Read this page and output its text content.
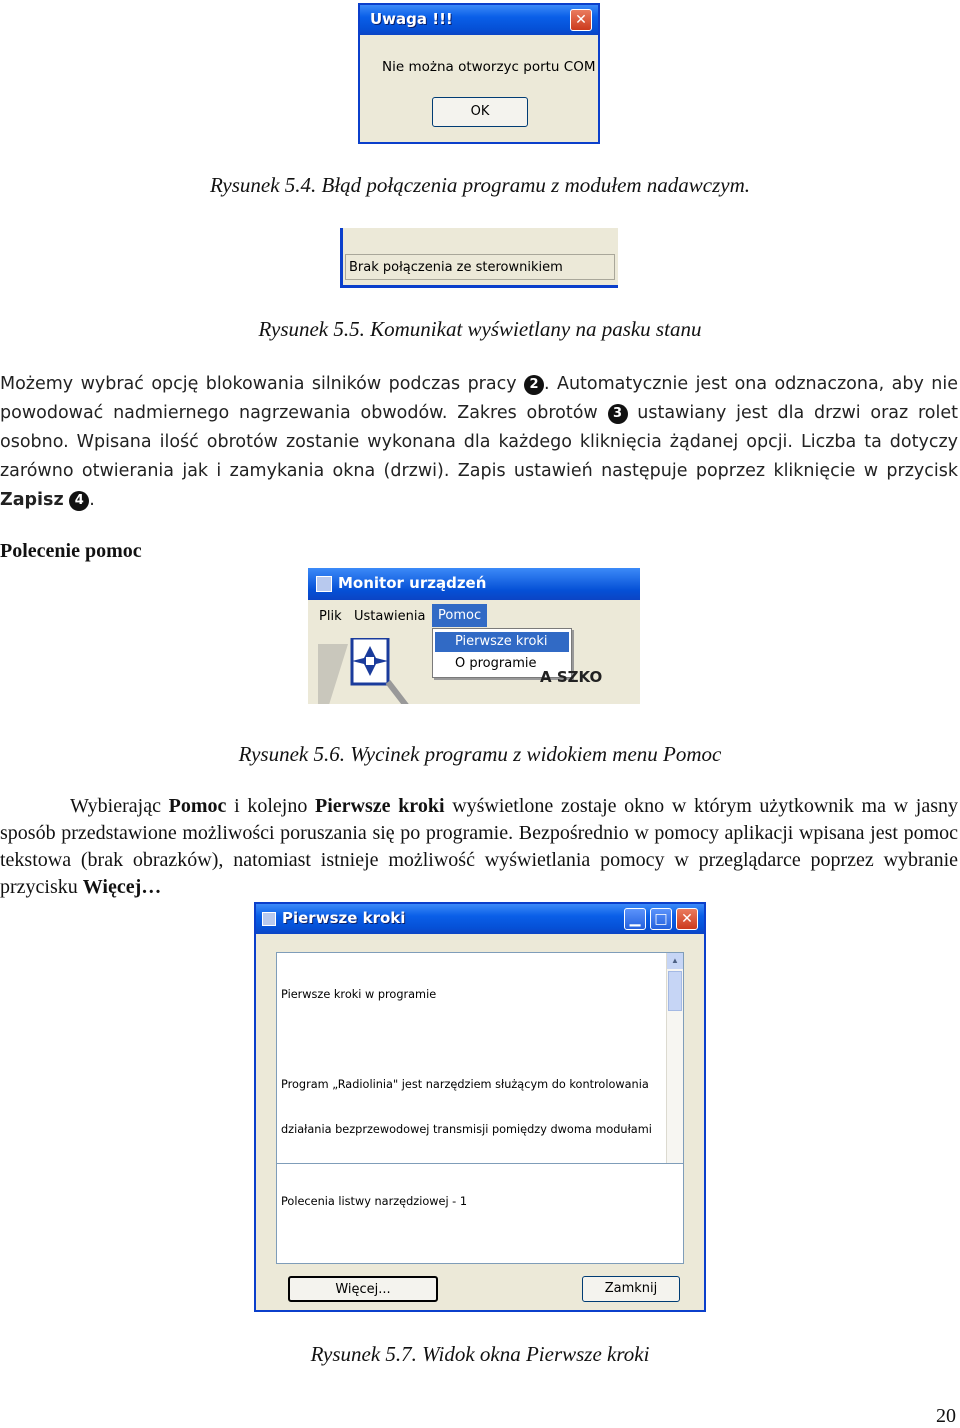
Uwaga !!!	✕
Nie można otworzyc portu COM
OK
Rysunek 5.4. Błąd połączenia programu z modułem nadawczym.
Brak połączenia ze sterownikiem
Rysunek 5.5. Komunikat wyświetlany na pasku stanu
Możemy wybrać opcję blokowania silników podczas pracy 2 . Automatycznie jest ona odznaczona, aby nie powodować nadmiernego nagrzewania obwodów. Zakres obrotów 3 ustawiany jest dla drzwi oraz rolet osobno. Wpisana ilość obrotów zostanie wykonana dla każdego kliknięcia żądanej opcji. Liczba ta dotyczy zarówno otwierania jak i zamykania okna (drzwi). Zapis ustawień następuje poprzez kliknięcie w przycisk Zapisz 4 .
Polecenie pomoc
Monitor urządzeń
Plik Ustawienia Pomoc
Pierwsze kroki
O programie
A SZKO
Rysunek 5.6. Wycinek programu z widokiem menu Pomoc
Wybierając Pomoc i kolejno Pierwsze kroki wyświetlone zostaje okno w którym użytkownik ma w jasny sposób przedstawione możliwości poruszania się po programie. Bezpośrednio w pomocy aplikacji wpisana jest pomoc tekstowa (brak obrazków), natomiast istnieje możliwość wyświetlania pomocy w przeglądarce poprzez wybranie przycisku Więcej…
Pierwsze kroki	▁ □ ✕

Pierwsze kroki w programie

Program „Radiolinia" jest narzędziem służącym do kontrolowania

działania bezprzewodowej transmisji pomiędzy dwoma modułami

▲

Polecenia listwy narzędziowej - 1

Więcej...	Zamknij
Rysunek 5.7. Widok okna Pierwsze kroki
20
